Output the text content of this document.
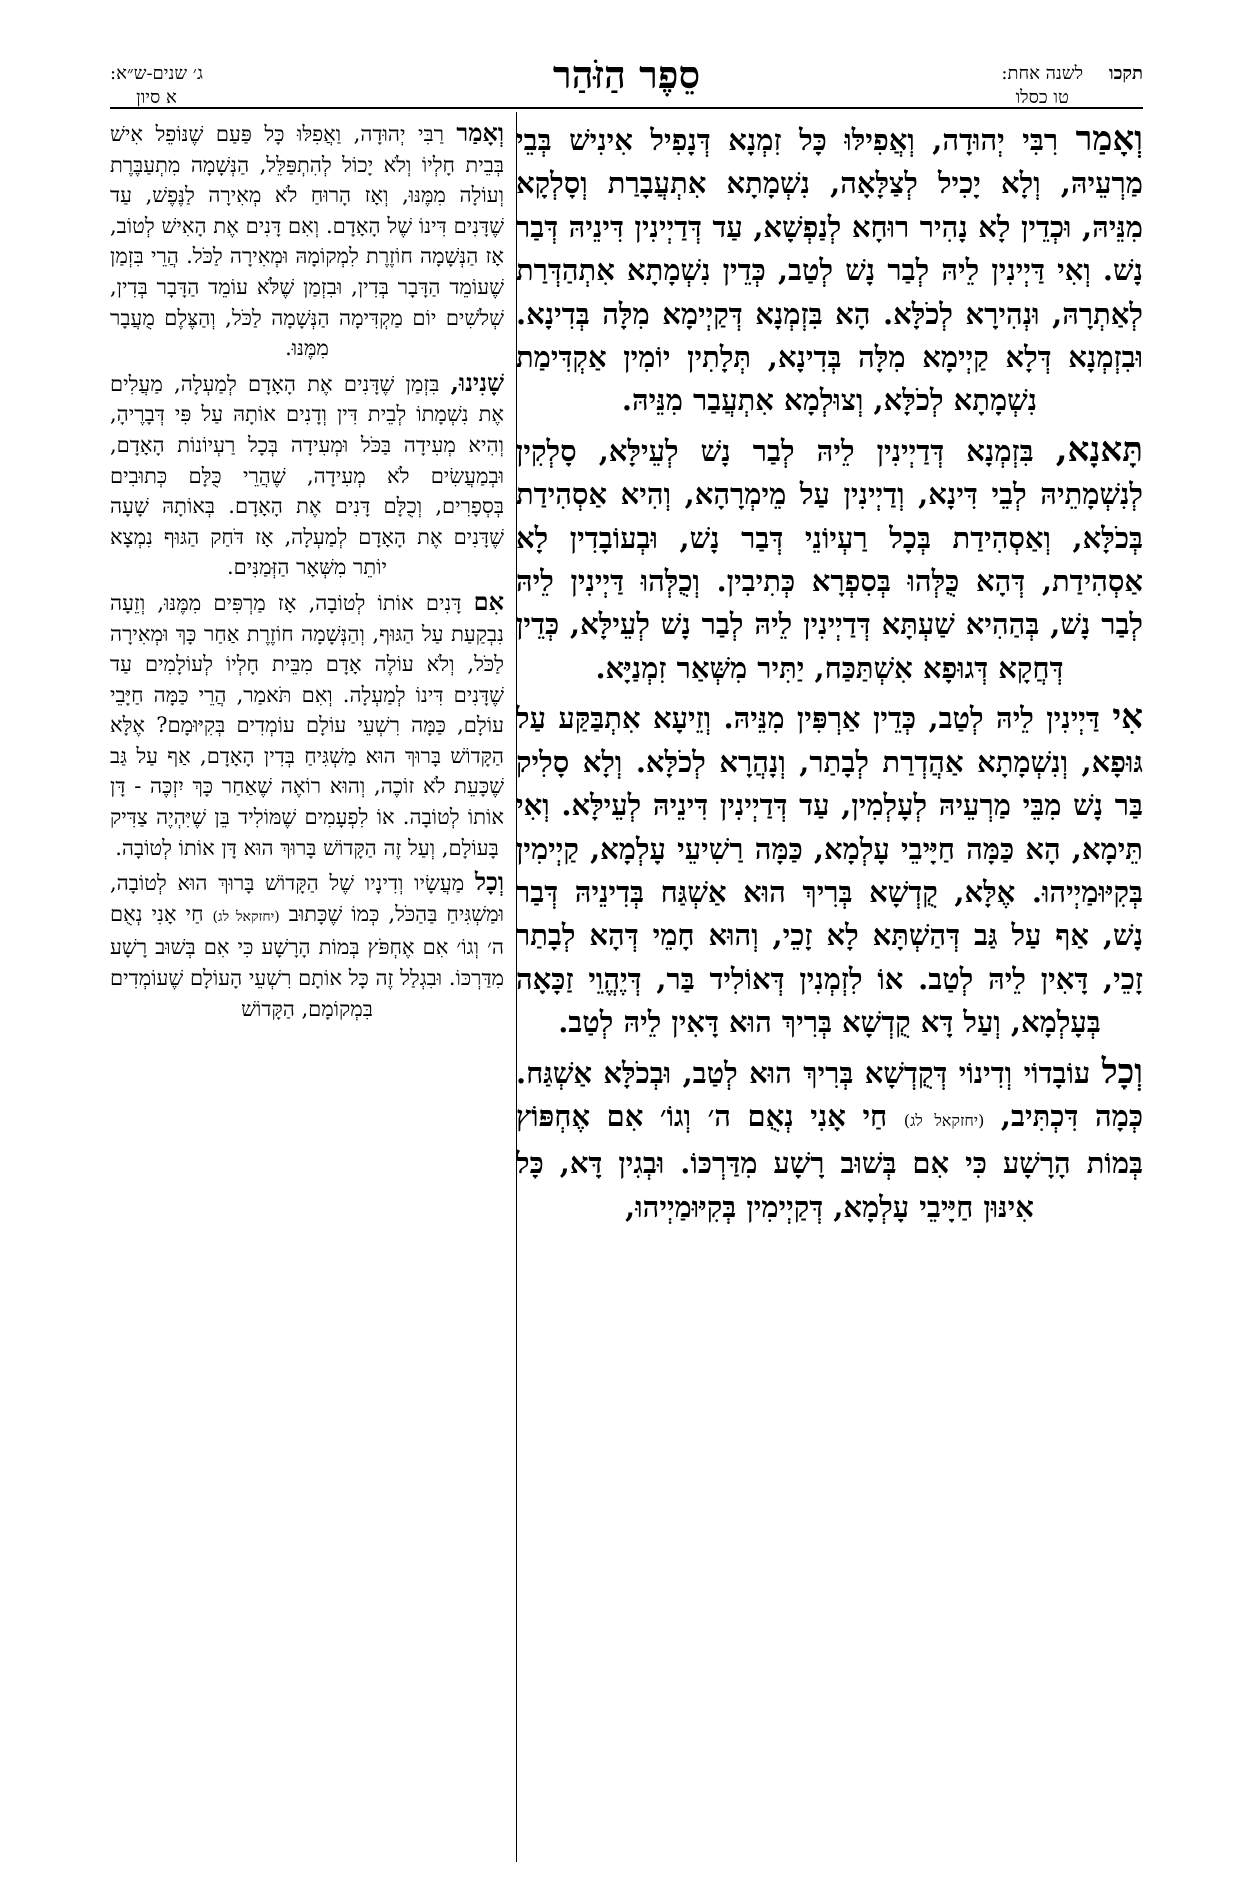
תקכו
לשנה אחת:
טו כסלו
סֵפֶר הַזֹּהַר
ג׳ שנים-ש״א:
א סיון

וְאָמַר רִבִּי יְהוּדָה, וְאֲפִילּוּ כָּל זִמְנָא דְּנָפִיל אִינִישׁ בְּבֵי מַרְעֵיהּ, וְלָא יָכִיל לְצַלָּאָה, נִשְׁמָתָא אִתְעֲבָרַת וְסָלְקָא מִנֵּיהּ, וּכְדֵין לָא נָהִיר רוּחָא לְנַפְשָׁא, עַד דְּדַיְינִין דִּינֵיהּ דְּבַר נָשׁ. וְאִי דַּיְינִין לֵיהּ לְבַר נָשׁ לְטַב, כְּדֵין נִשְׁמָתָא אִתְהַדְּרַת לְאַתְרָהּ, וּנְהִירָא לְכֹלָּא. הָא בִּזְמְנָא דְּקַיְימָא מִלָּה בְּדִינָא. וּבִזְמְנָא דְּלָא קַיְימָא מִלָּה בְּדִינָא, תְּלָתִין יוֹמִין אַקְדִּימַת נִשְׁמָתָא לְכֹלָּא, וְצוּלְמָא אִתְעֲבַר מִנֵּיהּ.

תָּאנָא, בִּזְמְנָא דְּדַיְינִין לֵיהּ לְבַר נָשׁ לְעֵילָּא, סָלְקִין לְנִשְׁמָתֵיהּ לְבֵי דִּינָא, וְדַיְינִין עַל מֵימְרָהָא, וְהִיא אַסְהִידַת בְּכֹלָּא, וְאַסְהִידַת בְּכָל רַעְיוֹנֵי דְּבַר נָשׁ, וּבְעוֹבָדִין לָא אַסְהִידַת, דְּהָא כֻּלְּהוּ בְּסִפְרָא כְּתִיבִין. וְכֻלְּהוּ דַּיְינִין לֵיהּ לְבַר נָשׁ, בְּהַהִיא שַׁעְתָּא דְּדַיְינִין לֵיהּ לְבַר נָשׁ לְעֵילָּא, כְּדֵין דְּחֲקָא דְּגוּפָא אִשְׁתַּכַּח, יַתִּיר מִשְּׁאַר זִמְנַיָּא.

אִי דַּיְינִין לֵיהּ לְטַב, כְּדֵין אַרְפִּין מִנֵּיהּ. וְזֵיעָא אִתְבַּקַּע עַל גּוּפָא, וְנִשְׁמָתָא אַהֲדְרַת לְבָתַר, וְנָהֲרָא לְכֹלָּא. וְלָא סָלִיק בַּר נָשׁ מִבֵּי מַרְעֵיהּ לְעָלְמִין, עַד דְּדַיְינִין דִּינֵיהּ לְעֵילָּא. וְאִי תֵּימָא, הָא כַּמָּה חַיָּיבֵי עָלְמָא, כַּמָּה רַשִׁיעֵי עָלְמָא, קַיְימִין בְּקִיּוּמַיְיהוּ. אֶלָּא, קֻדְשָׁא בְּרִיךְ הוּא אַשְׁגַּח בְּדִינֵיהּ דְּבַר נָשׁ, אַף עַל גַּב דְּהַשְׁתָּא לָא זָכֵי, וְהוּא חָמֵי דְּהָא לְבָתַר זָכֵי, דָּאִין לֵיהּ לְטַב. אוֹ לִזְמְנִין דְּאוֹלִיד בַּר, דְּיֶהֱוֵי זַכָּאָה בְּעָלְמָא, וְעַל דָּא קֻדְשָׁא בְּרִיךְ הוּא דָּאִין לֵיהּ לְטַב.

וְכָל עוֹבָדוֹי וְדִינוֹי דְּקֻדְשָׁא בְּרִיךְ הוּא לְטַב, וּבְכֹלָּא אַשְׁגַּח. כְּמָה דִּכְתִּיב, (יחזקאל לג) חַי אָנִי נְאֻם ה׳ וְגוֹ׳ אִם אֶחְפּוֹץ בְּמוֹת הָרָשָׁע כִּי אִם בְּשׁוּב רָשָׁע מִדַּרְכּוֹ. וּבְגִין דָּא, כָּל אִינּוּן חַיָּיבֵי עָלְמָא, דְּקַיְימִין בְּקִיּוּמַיְיהוּ,

וְאָמַר רַבִּי יְהוּדָה, וַאֲפִלּוּ כָּל פַּעַם שֶׁנּוֹפֵל אִישׁ בְּבֵית חָלְיוֹ וְלֹא יָכוֹל לְהִתְפַּלֵּל, הַנְּשָׁמָה מִתְעַבֶּרֶת וְעוֹלָה מִמֶּנּוּ, וְאָז הָרוּחַ לֹא מְאִירָה לַנֶּפֶשׁ, עַד שֶׁדָּנִים דִּינוֹ שֶׁל הָאָדָם. וְאִם דָּנִים אֶת הָאִישׁ לְטוֹב, אָז הַנְּשָׁמָה חוֹזֶרֶת לִמְקוֹמָהּ וּמְאִירָה לַכֹּל. הֲרֵי בִּזְמַן שֶׁעוֹמֵד הַדָּבָר בְּדִין, וּבִזְמַן שֶׁלֹּא עוֹמֵד הַדָּבָר בְּדִין, שְׁלֹשִׁים יוֹם מַקְדִּימָה הַנְּשָׁמָה לַכֹּל, וְהַצֶּלֶם מֻעֲבָר מִמֶּנּוּ.

שָׁנִינוּ, בִּזְמַן שֶׁדָּנִים אֶת הָאָדָם לְמַעְלָה, מַעֲלִים אֶת נִשְׁמָתוֹ לְבֵית דִּין וְדָנִים אוֹתָהּ עַל פִּי דְּבָרֶיהָ, וְהִיא מְעִידָה בַּכֹּל וּמְעִידָה בְּכָל רַעְיוֹנוֹת הָאָדָם, וּבְמַעֲשִׂים לֹא מְעִידָה, שֶׁהֲרֵי כֻּלָּם כְּתוּבִים בְּסְפָרִים, וְכֻלָּם דָּנִים אֶת הָאָדָם. בְּאוֹתָהּ שָׁעָה שֶׁדָּנִים אֶת הָאָדָם לְמַעְלָה, אָז דֹּחַק הַגּוּף נִמְצָא יוֹתֵר מִשְּׁאָר הַזְּמַנִּים.

אִם דָּנִים אוֹתוֹ לְטוֹבָה, אָז מַרְפִּים מִמֶּנּוּ, וְזֵעָה נִבְקַעַת עַל הַגּוּף, וְהַנְּשָׁמָה חוֹזֶרֶת אַחַר כָּךְ וּמְאִירָה לַכֹּל, וְלֹא עוֹלֶה אָדָם מִבֵּית חָלְיוֹ לְעוֹלָמִים עַד שֶׁדָּנִים דִּינוֹ לְמַעְלָה. וְאִם תֹּאמַר, הֲרֵי כַּמָּה חַיָּבֵי עוֹלָם, כַּמָּה רִשְׁעֵי עוֹלָם עוֹמְדִים בְּקִיּוּמָם? אֶלָּא הַקָּדוֹשׁ בָּרוּךְ הוּא מַשְׁגִּיחַ בְּדִין הָאָדָם, אַף עַל גַּב שֶׁכָּעֵת לֹא זוֹכֶה, וְהוּא רוֹאֶה שֶׁאַחַר כָּךְ יִזְכֶּה - דָּן אוֹתוֹ לְטוֹבָה. אוֹ לִפְעָמִים שֶׁמּוֹלִיד בֵּן שֶׁיִּהְיֶה צַדִּיק בָּעוֹלָם, וְעַל זֶה הַקָּדוֹשׁ בָּרוּךְ הוּא דָּן אוֹתוֹ לְטוֹבָה.

וְכָל מַעֲשָׂיו וְדִינָיו שֶׁל הַקָּדוֹשׁ בָּרוּךְ הוּא לְטוֹבָה, וּמַשְׁגִּיחַ בַּהַכֹּל, כְּמוֹ שֶׁכָּתוּב (יחזקאל לג) חַי אָנִי נְאֻם ה׳ וְגוֹ׳ אִם אֶחְפֹּץ בְּמוֹת הָרָשָׁע כִּי אִם בְּשׁוּב רָשָׁע מִדַּרְכּוֹ. וּבִגְלַל זֶה כָּל אוֹתָם רִשְׁעֵי הָעוֹלָם שֶׁעוֹמְדִים בִּמְקוֹמָם, הַקָּדוֹשׁ
